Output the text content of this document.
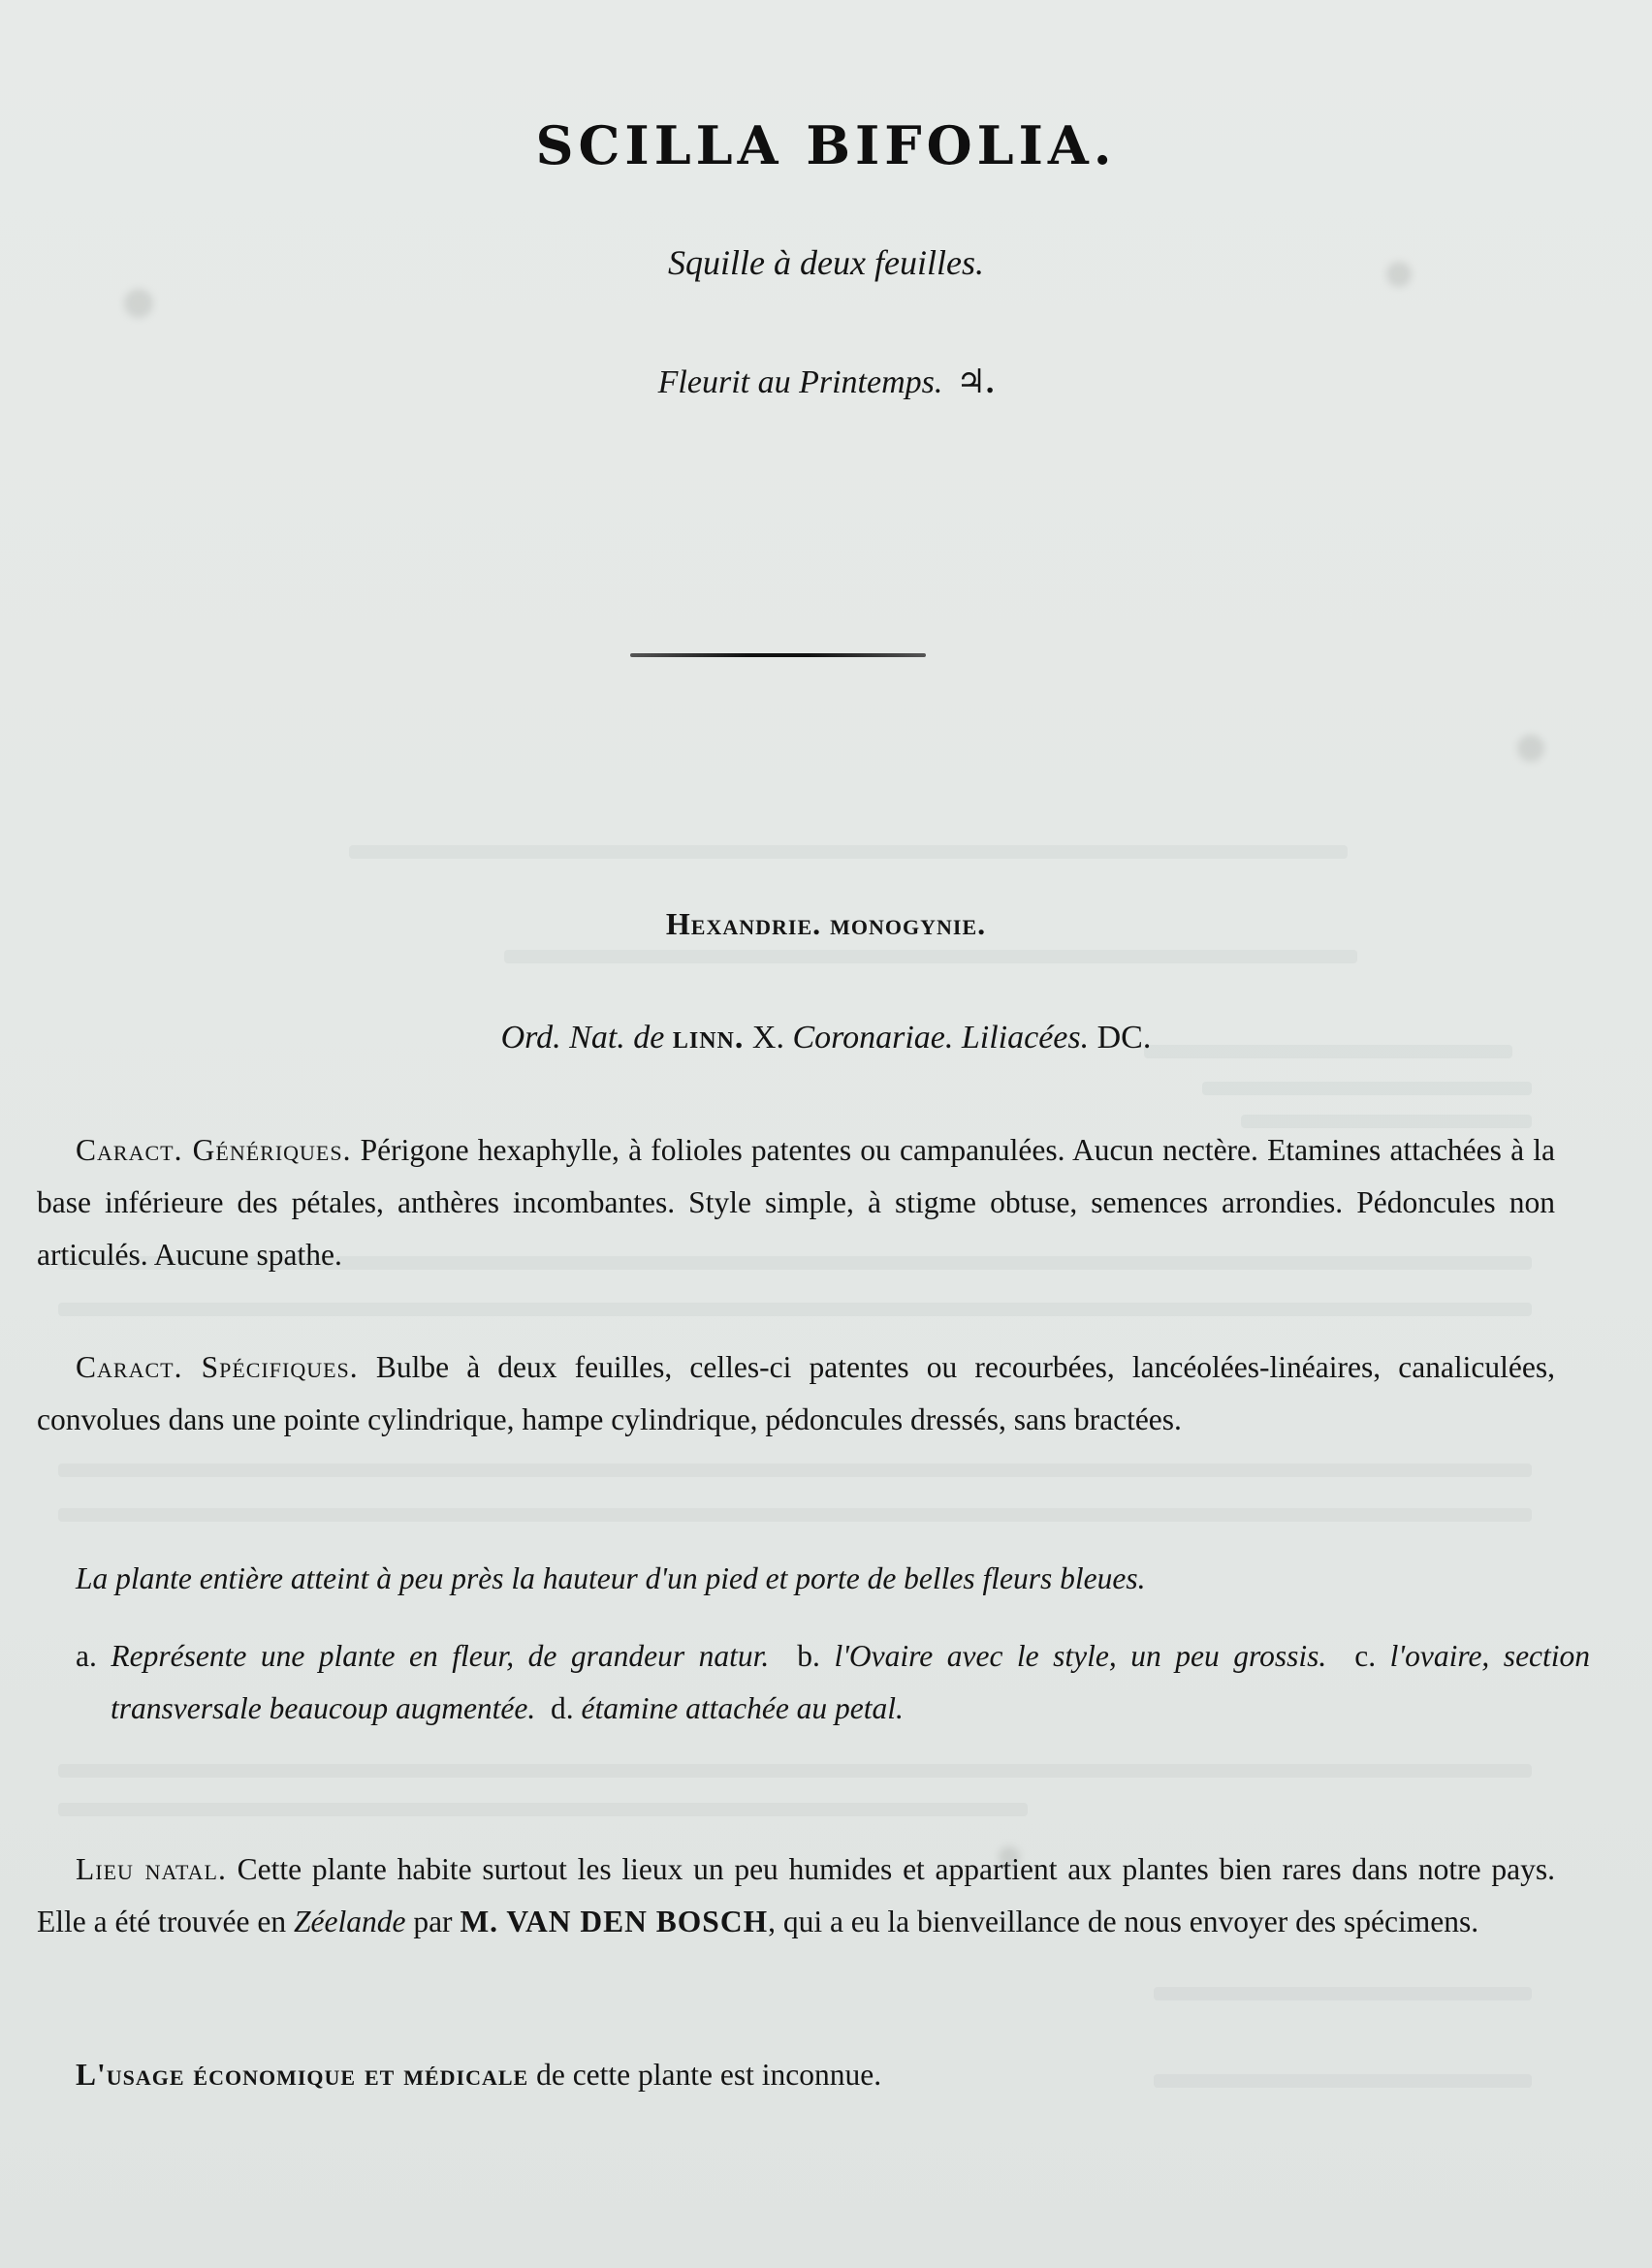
SCILLA BIFOLIA.
Squille à deux feuilles.
Fleurit au Printemps. ♃.
Hexandrie. monogynie.
Ord. Nat. de linn. X. Coronariae. Liliacées. DC.
Caract. Génériques. Périgone hexaphylle, à folioles patentes ou campanulées. Aucun nectère. Etamines attachées à la base inférieure des pétales, anthères incombantes. Style simple, à stigme obtuse, semences arrondies. Pédoncules non articulés. Aucune spathe.
Caract. Spécifiques. Bulbe à deux feuilles, celles-ci patentes ou recourbées, lancéolées-linéaires, canaliculées, convolues dans une pointe cylindrique, hampe cylindrique, pédoncules dressés, sans bractées.
La plante entière atteint à peu près la hauteur d'un pied et porte de belles fleurs bleues.
a. Représente une plante en fleur, de grandeur natur. b. l'Ovaire avec le style, un peu grossis. c. l'ovaire, section transversale beaucoup augmentée. d. étamine attachée au petal.
Lieu natal. Cette plante habite surtout les lieux un peu humides et appartient aux plantes bien rares dans notre pays. Elle a été trouvée en Zéelande par M. VAN DEN BOSCH, qui a eu la bienveillance de nous envoyer des spécimens.
L'usage économique et médicale de cette plante est inconnue.
